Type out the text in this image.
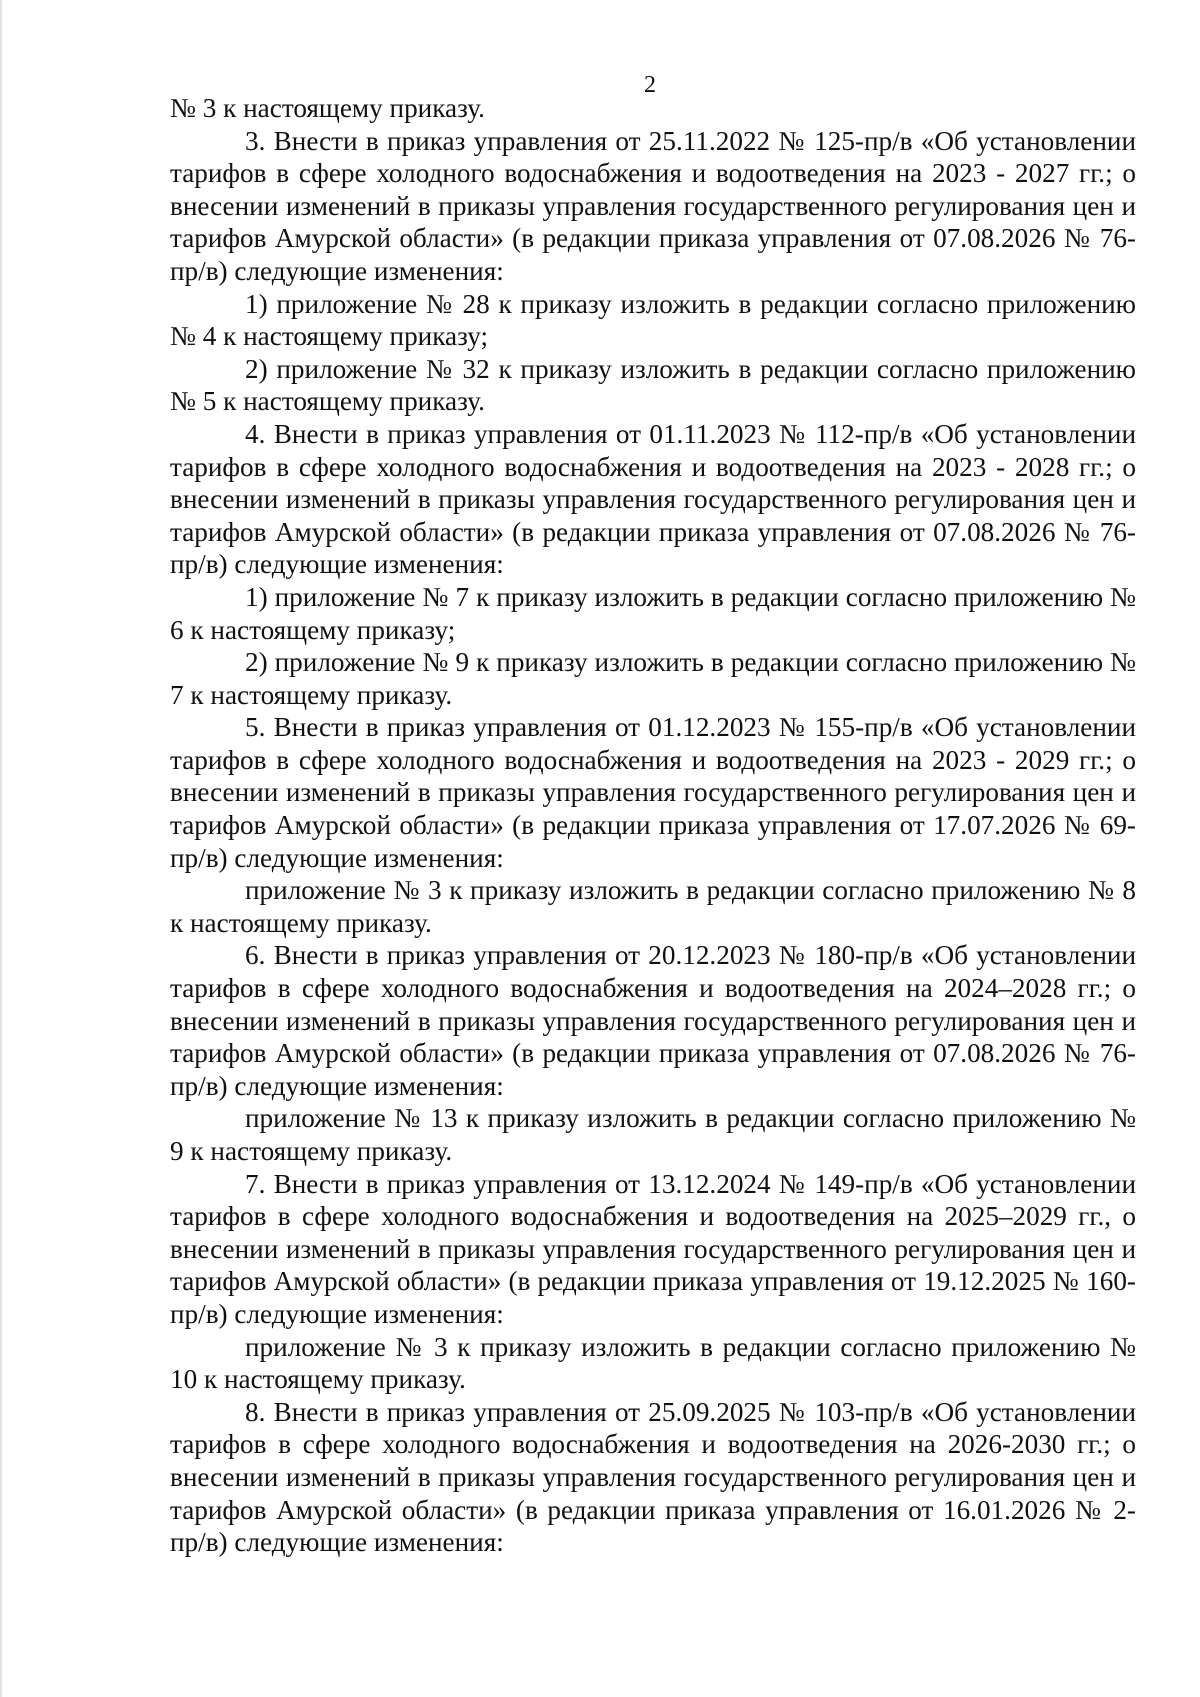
2

№ 3 к настоящему приказу.

3. Внести в приказ управления от 25.11.2022 № 125-пр/в «Об установлении тарифов в сфере холодного водоснабжения и водоотведения на 2023 - 2027 гг.; о внесении изменений в приказы управления государственного регулирования цен и тарифов Амурской области» (в редакции приказа управления от 07.08.2026 № 76-пр/в) следующие изменения:

1) приложение № 28 к приказу изложить в редакции согласно приложению № 4 к настоящему приказу;

2) приложение № 32 к приказу изложить в редакции согласно приложению № 5 к настоящему приказу.

4. Внести в приказ управления от 01.11.2023 № 112-пр/в «Об установлении тарифов в сфере холодного водоснабжения и водоотведения на 2023 - 2028 гг.; о внесении изменений в приказы управления государственного регулирования цен и тарифов Амурской области» (в редакции приказа управления от 07.08.2026 № 76-пр/в) следующие изменения:

1) приложение № 7 к приказу изложить в редакции согласно приложению № 6 к настоящему приказу;

2) приложение № 9 к приказу изложить в редакции согласно приложению № 7 к настоящему приказу.

5. Внести в приказ управления от 01.12.2023 № 155-пр/в «Об установлении тарифов в сфере холодного водоснабжения и водоотведения на 2023 - 2029 гг.; о внесении изменений в приказы управления государственного регулирования цен и тарифов Амурской области» (в редакции приказа управления от 17.07.2026 № 69-пр/в) следующие изменения:

приложение № 3 к приказу изложить в редакции согласно приложению № 8 к настоящему приказу.

6. Внести в приказ управления от 20.12.2023 № 180-пр/в «Об установлении тарифов в сфере холодного водоснабжения и водоотведения на 2024–2028 гг.; о внесении изменений в приказы управления государственного регулирования цен и тарифов Амурской области» (в редакции приказа управления от 07.08.2026 № 76-пр/в) следующие изменения:

приложение № 13 к приказу изложить в редакции согласно приложению № 9 к настоящему приказу.

7. Внести в приказ управления от 13.12.2024 № 149-пр/в «Об установлении тарифов в сфере холодного водоснабжения и водоотведения на 2025–2029 гг., о внесении изменений в приказы управления государственного регулирования цен и тарифов Амурской области» (в редакции приказа управления от 19.12.2025 № 160-пр/в) следующие изменения:

приложение № 3 к приказу изложить в редакции согласно приложению № 10 к настоящему приказу.

8. Внести в приказ управления от 25.09.2025 № 103-пр/в «Об установлении тарифов в сфере холодного водоснабжения и водоотведения на 2026-2030 гг.; о внесении изменений в приказы управления государственного регулирования цен и тарифов Амурской области» (в редакции приказа управления от 16.01.2026 № 2-пр/в) следующие изменения:
